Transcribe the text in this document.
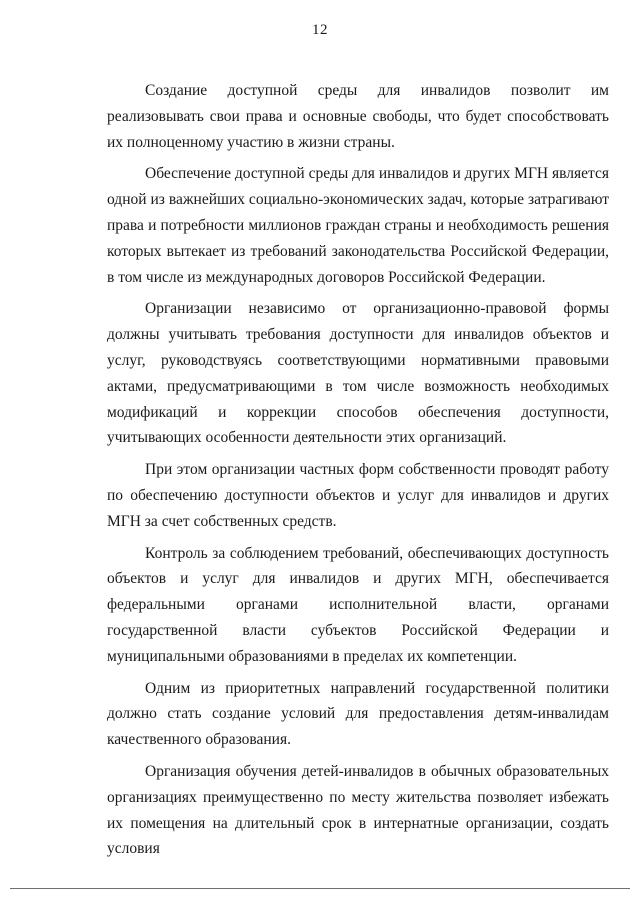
12

Создание доступной среды для инвалидов позволит им реализовывать свои права и основные свободы, что будет способствовать их полноценному участию в жизни страны.

Обеспечение доступной среды для инвалидов и других МГН является одной из важнейших социально-экономических задач, которые затрагивают права и потребности миллионов граждан страны и необходимость решения которых вытекает из требований законодательства Российской Федерации, в том числе из международных договоров Российской Федерации.

Организации независимо от организационно-правовой формы должны учитывать требования доступности для инвалидов объектов и услуг, руководствуясь соответствующими нормативными правовыми актами, предусматривающими в том числе возможность необходимых модификаций и коррекции способов обеспечения доступности, учитывающих особенности деятельности этих организаций.

При этом организации частных форм собственности проводят работу по обеспечению доступности объектов и услуг для инвалидов и других МГН за счет собственных средств.

Контроль за соблюдением требований, обеспечивающих доступность объектов и услуг для инвалидов и других МГН, обеспечивается федеральными органами исполнительной власти, органами государственной власти субъектов Российской Федерации и муниципальными образованиями в пределах их компетенции.

Одним из приоритетных направлений государственной политики должно стать создание условий для предоставления детям-инвалидам качественного образования.

Организация обучения детей-инвалидов в обычных образовательных организациях преимущественно по месту жительства позволяет избежать их помещения на длительный срок в интернатные организации, создать условия
